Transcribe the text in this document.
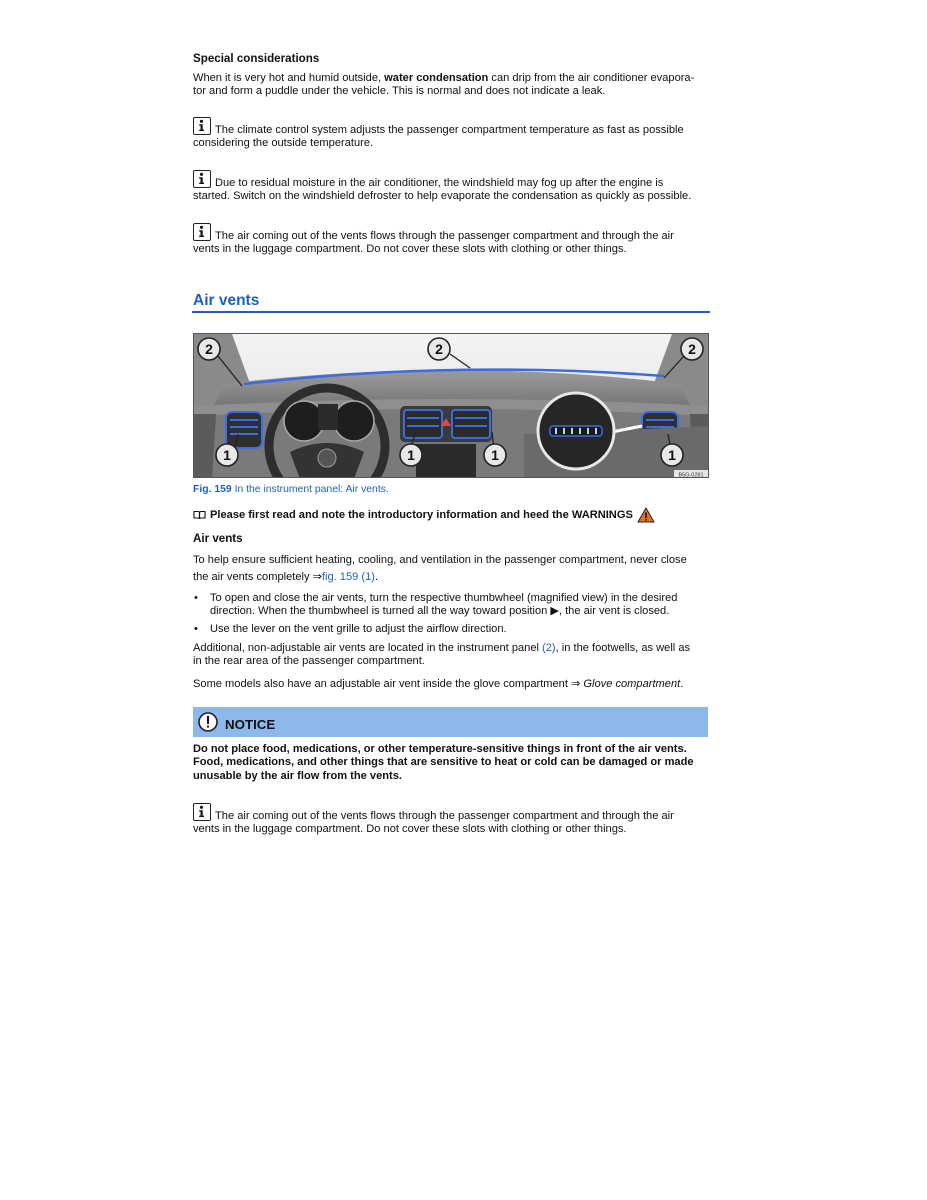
Special considerations

When it is very hot and humid outside, water condensation can drip from the air conditioner evapora-
tor and form a puddle under the vehicle. This is normal and does not indicate a leak.

The climate control system adjusts the passenger compartment temperature as fast as possible
considering the outside temperature.
Due to residual moisture in the air conditioner, the windshield may fog up after the engine is
started. Switch on the windshield defroster to help evaporate the condensation as quickly as possible.
The air coming out of the vents flows through the passenger compartment and through the air
vents in the luggage compartment. Do not cover these slots with clothing or other things.
Air vents
2	2	2
1	1	1	1
B5G-0281
Fig. 159 In the instrument panel: Air vents.
Please first read and note the introductory information and heed the WARNINGS

Air vents

To help ensure sufficient heating, cooling, and ventilation in the passenger compartment, never close
the air vents completely ⇒fig. 159 (1).

• To open and close the air vents, turn the respective thumbwheel (magnified view) in the desired
direction. When the thumbwheel is turned all the way toward position ▶, the air vent is closed.
• Use the lever on the vent grille to adjust the airflow direction.

Additional, non-adjustable air vents are located in the instrument panel (2), in the footwells, as well as
in the rear area of the passenger compartment.

Some models also have an adjustable air vent inside the glove compartment ⇒ Glove compartment.

NOTICE
Do not place food, medications, or other temperature-sensitive things in front of the air vents.
Food, medications, and other things that are sensitive to heat or cold can be damaged or made
unusable by the air flow from the vents.
The air coming out of the vents flows through the passenger compartment and through the air
vents in the luggage compartment. Do not cover these slots with clothing or other things.
